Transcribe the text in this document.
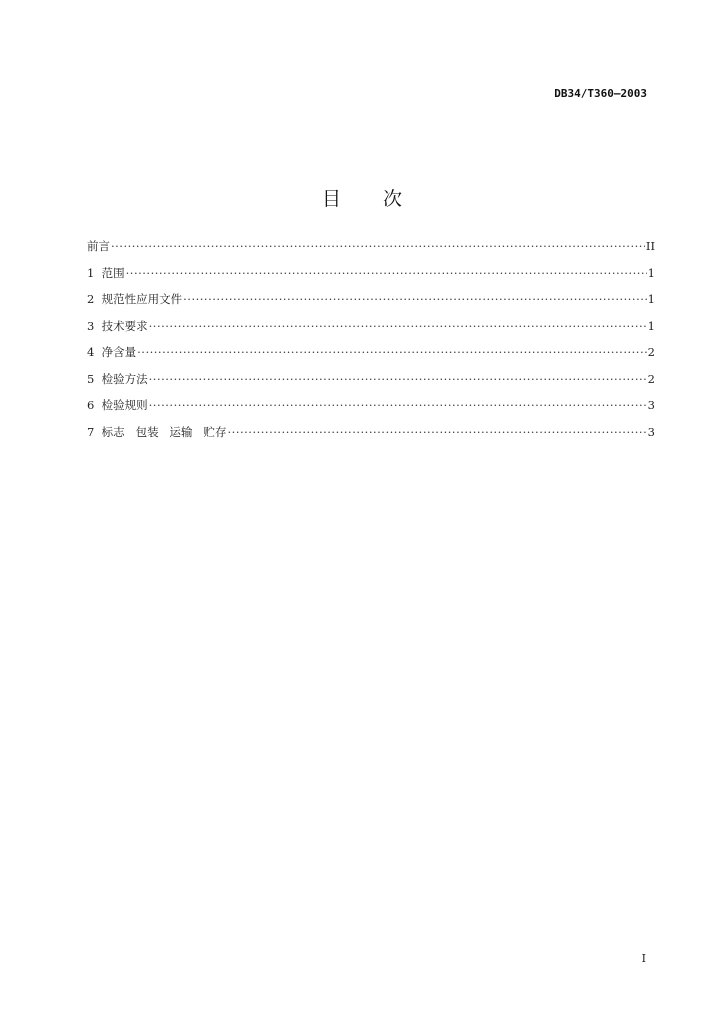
DB34/T360—2003
目 次
前言 ·····	II
1  范围 ·····	1
2  规范性应用文件 ·····	1
3  技术要求 ·····	1
4  净含量 ·····	2
5  检验方法 ·····	2
6  检验规则 ·····	3
7  标志   包装   运输   贮存 ·····	3
I
